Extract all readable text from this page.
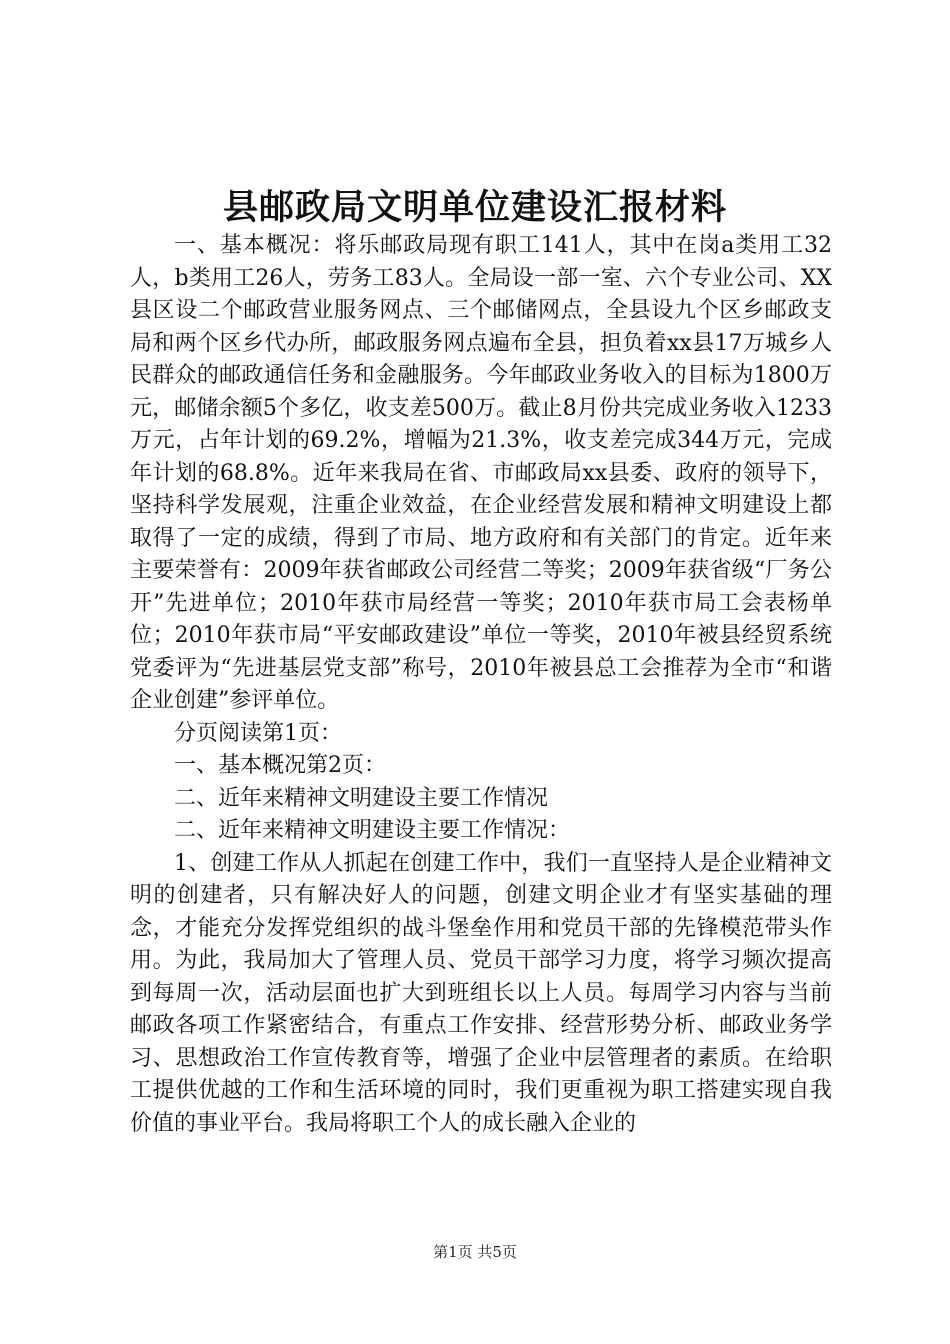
县邮政局文明单位建设汇报材料

一、基本概况：将乐邮政局现有职工141人，其中在岗a类用工32人，b类用工26人，劳务工83人。全局设一部一室、六个专业公司、XX县区设二个邮政营业服务网点、三个邮储网点，全县设九个区乡邮政支局和两个区乡代办所，邮政服务网点遍布全县，担负着xx县17万城乡人民群众的邮政通信任务和金融服务。今年邮政业务收入的目标为1800万元，邮储余额5个多亿，收支差500万。截止8月份共完成业务收入1233万元，占年计划的69.2%，增幅为21.3%，收支差完成344万元，完成年计划的68.8%。近年来我局在省、市邮政局xx县委、政府的领导下，坚持科学发展观，注重企业效益，在企业经营发展和精神文明建设上都取得了一定的成绩，得到了市局、地方政府和有关部门的肯定。近年来主要荣誉有：2009年获省邮政公司经营二等奖；2009年获省级“厂务公开”先进单位；2010年获市局经营一等奖；2010年获市局工会表杨单位；2010年获市局“平安邮政建设”单位一等奖，2010年被县经贸系统党委评为“先进基层党支部”称号，2010年被县总工会推荐为全市“和谐企业创建”参评单位。

分页阅读第1页：

一、基本概况第2页：

二、近年来精神文明建设主要工作情况

二、近年来精神文明建设主要工作情况：

1、创建工作从人抓起在创建工作中，我们一直坚持人是企业精神文明的创建者，只有解决好人的问题，创建文明企业才有坚实基础的理念，才能充分发挥党组织的战斗堡垒作用和党员干部的先锋模范带头作用。为此，我局加大了管理人员、党员干部学习力度，将学习频次提高到每周一次，活动层面也扩大到班组长以上人员。每周学习内容与当前邮政各项工作紧密结合，有重点工作安排、经营形势分析、邮政业务学习、思想政治工作宣传教育等，增强了企业中层管理者的素质。在给职工提供优越的工作和生活环境的同时，我们更重视为职工搭建实现自我价值的事业平台。我局将职工个人的成长融入企业的

第1页 共5页
